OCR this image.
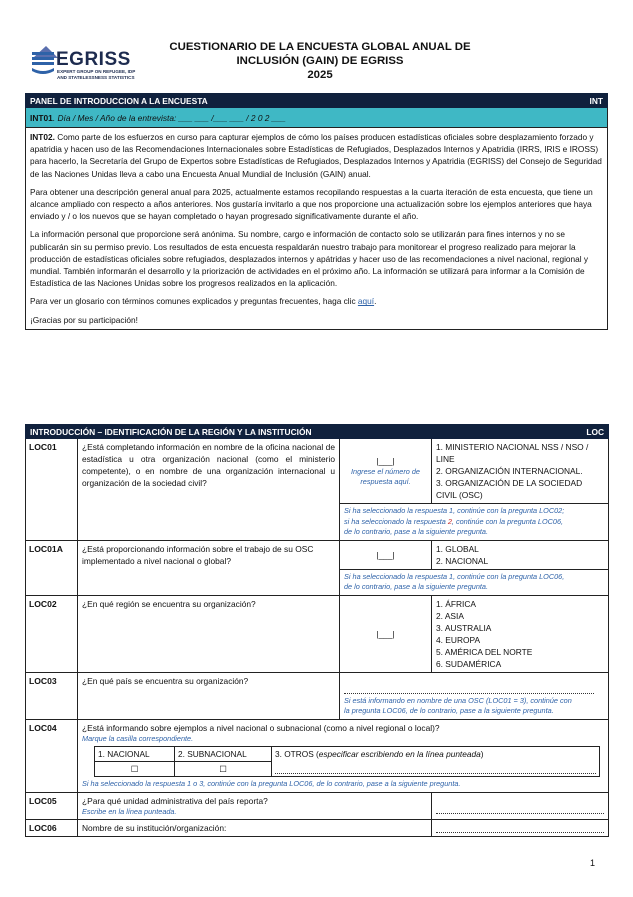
EGRISS
EXPERT GROUP ON REFUGEE, IDP
AND STATELESSNESS STATISTICS
CUESTIONARIO DE LA ENCUESTA GLOBAL ANUAL DE
INCLUSIÓN (GAIN) DE EGRISS
2025
PANEL DE INTRODUCCION A LA ENCUESTA	INT

INT01. Día / Mes / Año de la entrevista: ___ ___ /___ ___ / 2 0 2 ___

INT02. Como parte de los esfuerzos en curso para capturar ejemplos de cómo los países producen estadísticas oficiales sobre desplazamiento forzado y apatridia y hacen uso de las Recomendaciones Internacionales sobre Estadísticas de Refugiados, Desplazados Internos y Apatridia (IRRS, IRIS e IROSS) para hacerlo, la Secretaría del Grupo de Expertos sobre Estadísticas de Refugiados, Desplazados Internos y Apatridia (EGRISS) del Consejo de Seguridad de las Naciones Unidas lleva a cabo una Encuesta Anual Mundial de Inclusión (GAIN) anual.

Para obtener una descripción general anual para 2025, actualmente estamos recopilando respuestas a la cuarta iteración de esta encuesta, que tiene un alcance ampliado con respecto a años anteriores. Nos gustaría invitarlo a que nos proporcione una actualización sobre los ejemplos anteriores que haya enviado y / o los nuevos que se hayan completado o hayan progresado significativamente durante el año.

La información personal que proporcione será anónima. Su nombre, cargo e información de contacto solo se utilizarán para fines internos y no se publicarán sin su permiso previo. Los resultados de esta encuesta respaldarán nuestro trabajo para monitorear el progreso realizado para mejorar la producción de estadísticas oficiales sobre refugiados, desplazados internos y apátridas y hacer uso de las recomendaciones a nivel nacional, regional y mundial. También informarán el desarrollo y la priorización de actividades en el próximo año. La información se utilizará para informar a la Comisión de Estadística de las Naciones Unidas sobre los progresos realizados en la aplicación.

Para ver un glosario con términos comunes explicados y preguntas frecuentes, haga clic aquí.

¡Gracias por su participación!

INTRODUCCIÓN – IDENTIFICACIÓN DE LA REGIÓN Y LA INSTITUCIÓN	LOC

LOC01	¿Está completando información en nombre de la oficina nacional de estadística u otra organización nacional (como el ministerio competente), o en nombre de una organización internacional u organización de la sociedad civil?	
|___|
Ingrese el número de respuesta aquí.

1. MINISTERIO NACIONAL NSS / NSO / LINE
2. ORGANIZACIÓN INTERNACIONAL.
3. ORGANIZACIÓN DE LA SOCIEDAD CIVIL (OSC)

Si ha seleccionado la respuesta 1, continúe con la pregunta LOC02;
si ha seleccionado la respuesta 2, continúe con la pregunta LOC06,
de lo contrario, pase a la siguiente pregunta.

LOC01A	¿Está proporcionando información sobre el trabajo de su OSC implementado a nivel nacional o global?	|___|	
1. GLOBAL
2. NACIONAL

Si ha seleccionado la respuesta 1, continúe con la pregunta LOC06,
de lo contrario, pase a la siguiente pregunta.

LOC02	¿En qué región se encuentra su organización?	|___|	
1. ÁFRICA
2. ASIA
3. AUSTRALIA
4. EUROPA
5. AMÉRICA DEL NORTE
6. SUDAMÉRICA

LOC03	¿En qué país se encuentra su organización?	
Si está informando en nombre de una OSC (LOC01 = 3), continúe con
la pregunta LOC06, de lo contrario, pase a la siguiente pregunta.

LOC04	¿Está informando sobre ejemplos a nivel nacional o subnacional (como a nivel regional o local)?
Marque la casilla correspondiente.
1. NACIONAL	2. SUBNACIONAL	3. OTROS (especificar escribiendo en la línea punteada)
☐	☐	
Si ha seleccionado la respuesta 1 o 3, continúe con la pregunta LOC06, de lo contrario, pase a la siguiente pregunta.

LOC05	¿Para qué unidad administrativa del país reporta?
Escribe en la línea punteada.

LOC06	Nombre de su institución/organización:	
1
